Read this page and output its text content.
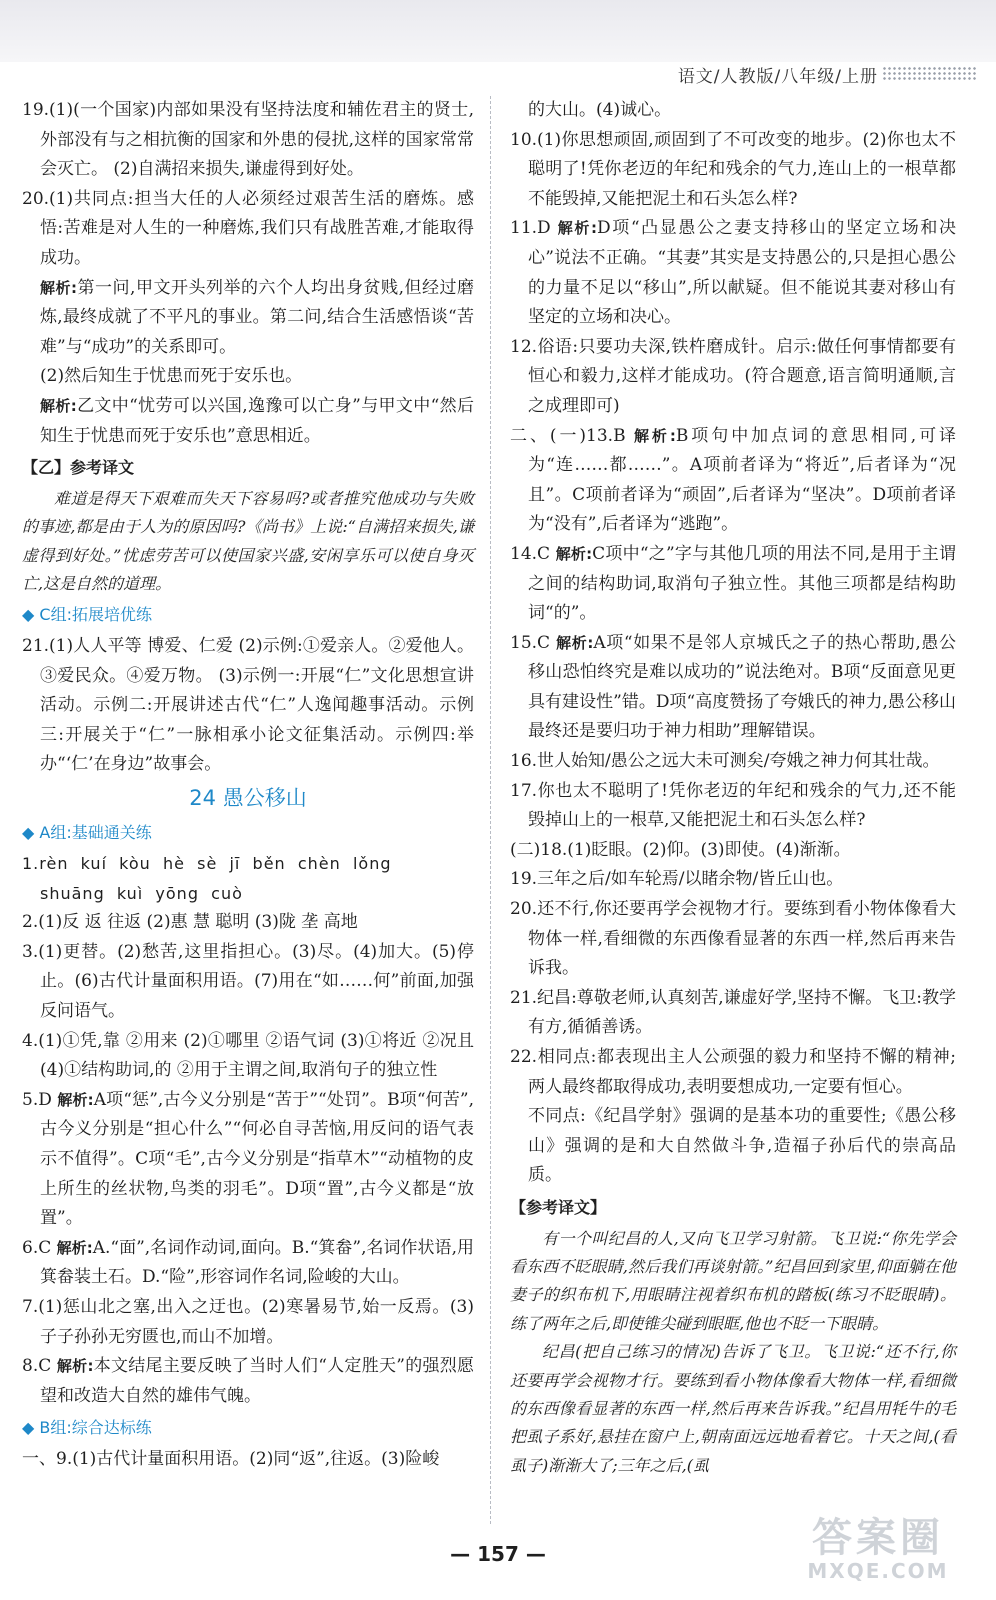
语文/人教版/八年级/上册

19.(1)(一个国家)内部如果没有坚持法度和辅佐君主的贤士,外部没有与之相抗衡的国家和外患的侵扰,这样的国家常常会灭亡。 (2)自满招来损失,谦虚得到好处。

20.(1)共同点:担当大任的人必须经过艰苦生活的磨炼。感悟:苦难是对人生的一种磨炼,我们只有战胜苦难,才能取得成功。

解析:第一问,甲文开头列举的六个人均出身贫贱,但经过磨炼,最终成就了不平凡的事业。第二问,结合生活感悟谈“苦难”与“成功”的关系即可。

(2)然后知生于忧患而死于安乐也。

解析:乙文中“忧劳可以兴国,逸豫可以亡身”与甲文中“然后知生于忧患而死于安乐也”意思相近。

【乙】参考译文

难道是得天下艰难而失天下容易吗?或者推究他成功与失败的事迹,都是由于人为的原因吗?《尚书》上说:“自满招来损失,谦虚得到好处。”忧虑劳苦可以使国家兴盛,安闲享乐可以使自身灭亡,这是自然的道理。

◆ C组:拓展培优练

21.(1)人人平等 博爱、仁爱 (2)示例:①爱亲人。②爱他人。③爱民众。④爱万物。 (3)示例一:开展“仁”文化思想宣讲活动。示例二:开展讲述古代“仁”人逸闻趣事活动。示例三:开展关于“仁”一脉相承小论文征集活动。示例四:举办“‘仁’在身边”故事会。

24 愚公移山
◆ A组:基础通关练

1.rèn  kuí  kòu  hè  sè  jī  běn  chèn  lǒng

shuāng  kuì  yōng  cuò

2.(1)反 返 往返 (2)惠 慧 聪明 (3)陇 垄 高地

3.(1)更替。(2)愁苦,这里指担心。(3)尽。(4)加大。(5)停止。(6)古代计量面积用语。(7)用在“如……何”前面,加强反问语气。

4.(1)①凭,靠 ②用来 (2)①哪里 ②语气词 (3)①将近 ②况且 (4)①结构助词,的 ②用于主谓之间,取消句子的独立性

5.D 解析:A项“惩”,古今义分别是“苦于”“处罚”。B项“何苦”,古今义分别是“担心什么”“何必自寻苦恼,用反问的语气表示不值得”。C项“毛”,古今义分别是“指草木”“动植物的皮上所生的丝状物,鸟类的羽毛”。D项“置”,古今义都是“放置”。

6.C 解析:A.“面”,名词作动词,面向。B.“箕畚”,名词作状语,用箕畚装土石。D.“险”,形容词作名词,险峻的大山。

7.(1)惩山北之塞,出入之迂也。(2)寒暑易节,始一反焉。(3)子子孙孙无穷匮也,而山不加增。

8.C 解析:本文结尾主要反映了当时人们“人定胜天”的强烈愿望和改造大自然的雄伟气魄。

◆ B组:综合达标练

一、9.(1)古代计量面积用语。(2)同“返”,往返。(3)险峻

的大山。(4)诚心。

10.(1)你思想顽固,顽固到了不可改变的地步。(2)你也太不聪明了!凭你老迈的年纪和残余的气力,连山上的一根草都不能毁掉,又能把泥土和石头怎么样?

11.D 解析:D项“凸显愚公之妻支持移山的坚定立场和决心”说法不正确。“其妻”其实是支持愚公的,只是担心愚公的力量不足以“移山”,所以献疑。但不能说其妻对移山有坚定的立场和决心。

12.俗语:只要功夫深,铁杵磨成针。启示:做任何事情都要有恒心和毅力,这样才能成功。(符合题意,语言简明通顺,言之成理即可)

二、(一)13.B 解析:B项句中加点词的意思相同,可译为“连……都……”。A项前者译为“将近”,后者译为“况且”。C项前者译为“顽固”,后者译为“坚决”。D项前者译为“没有”,后者译为“逃跑”。

14.C 解析:C项中“之”字与其他几项的用法不同,是用于主谓之间的结构助词,取消句子独立性。其他三项都是结构助词“的”。

15.C 解析:A项“如果不是邻人京城氏之子的热心帮助,愚公移山恐怕终究是难以成功的”说法绝对。B项“反面意见更具有建设性”错。D项“高度赞扬了夸娥氏的神力,愚公移山最终还是要归功于神力相助”理解错误。

16.世人始知/愚公之远大未可测矣/夸娥之神力何其壮哉。

17.你也太不聪明了!凭你老迈的年纪和残余的气力,还不能毁掉山上的一根草,又能把泥土和石头怎么样?

(二)18.(1)眨眼。(2)仰。(3)即使。(4)渐渐。

19.三年之后/如车轮焉/以睹余物/皆丘山也。

20.还不行,你还要再学会视物才行。要练到看小物体像看大物体一样,看细微的东西像看显著的东西一样,然后再来告诉我。

21.纪昌:尊敬老师,认真刻苦,谦虚好学,坚持不懈。飞卫:教学有方,循循善诱。

22.相同点:都表现出主人公顽强的毅力和坚持不懈的精神;两人最终都取得成功,表明要想成功,一定要有恒心。

不同点:《纪昌学射》强调的是基本功的重要性;《愚公移山》强调的是和大自然做斗争,造福子孙后代的崇高品质。

【参考译文】

有一个叫纪昌的人,又向飞卫学习射箭。飞卫说:“你先学会看东西不眨眼睛,然后我们再谈射箭。”纪昌回到家里,仰面躺在他妻子的织布机下,用眼睛注视着织布机的踏板(练习不眨眼睛)。练了两年之后,即使锥尖碰到眼眶,他也不眨一下眼睛。

纪昌(把自己练习的情况)告诉了飞卫。飞卫说:“还不行,你还要再学会视物才行。要练到看小物体像看大物体一样,看细微的东西像看显著的东西一样,然后再来告诉我。”纪昌用牦牛的毛把虱子系好,悬挂在窗户上,朝南面远远地看着它。十天之间,(看虱子)渐渐大了;三年之后,(虱

— 157 —	答案圈
MXQE.COM
